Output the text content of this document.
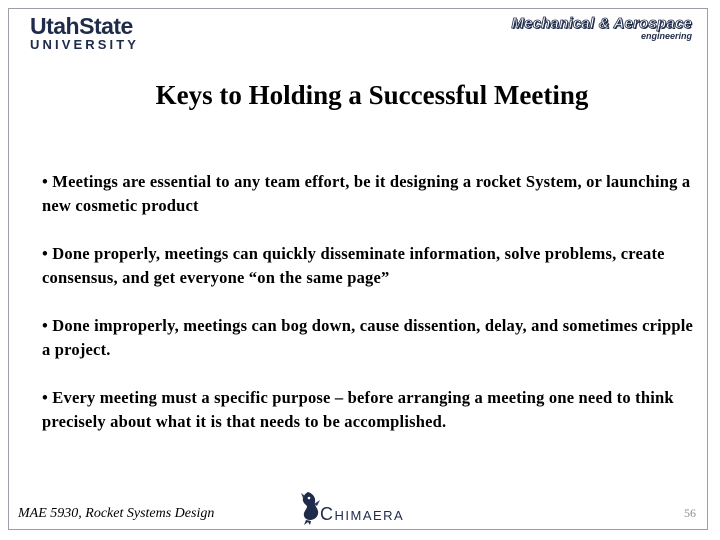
UtahState
UNIVERSITY
Mechanical & Aerospace
engineering
Keys to Holding a Successful Meeting
• Meetings are essential to any team effort, be it designing a rocket System, or launching a new cosmetic product
• Done properly, meetings can quickly disseminate information, solve problems, create consensus, and get everyone “on the same page”
• Done improperly, meetings can bog down, cause dissention, delay, and sometimes cripple a project.
• Every meeting must a specific purpose – before arranging a meeting one need to think precisely about what it is that needs to be accomplished.
MAE 5930, Rocket Systems Design	CHIMAERA	56
